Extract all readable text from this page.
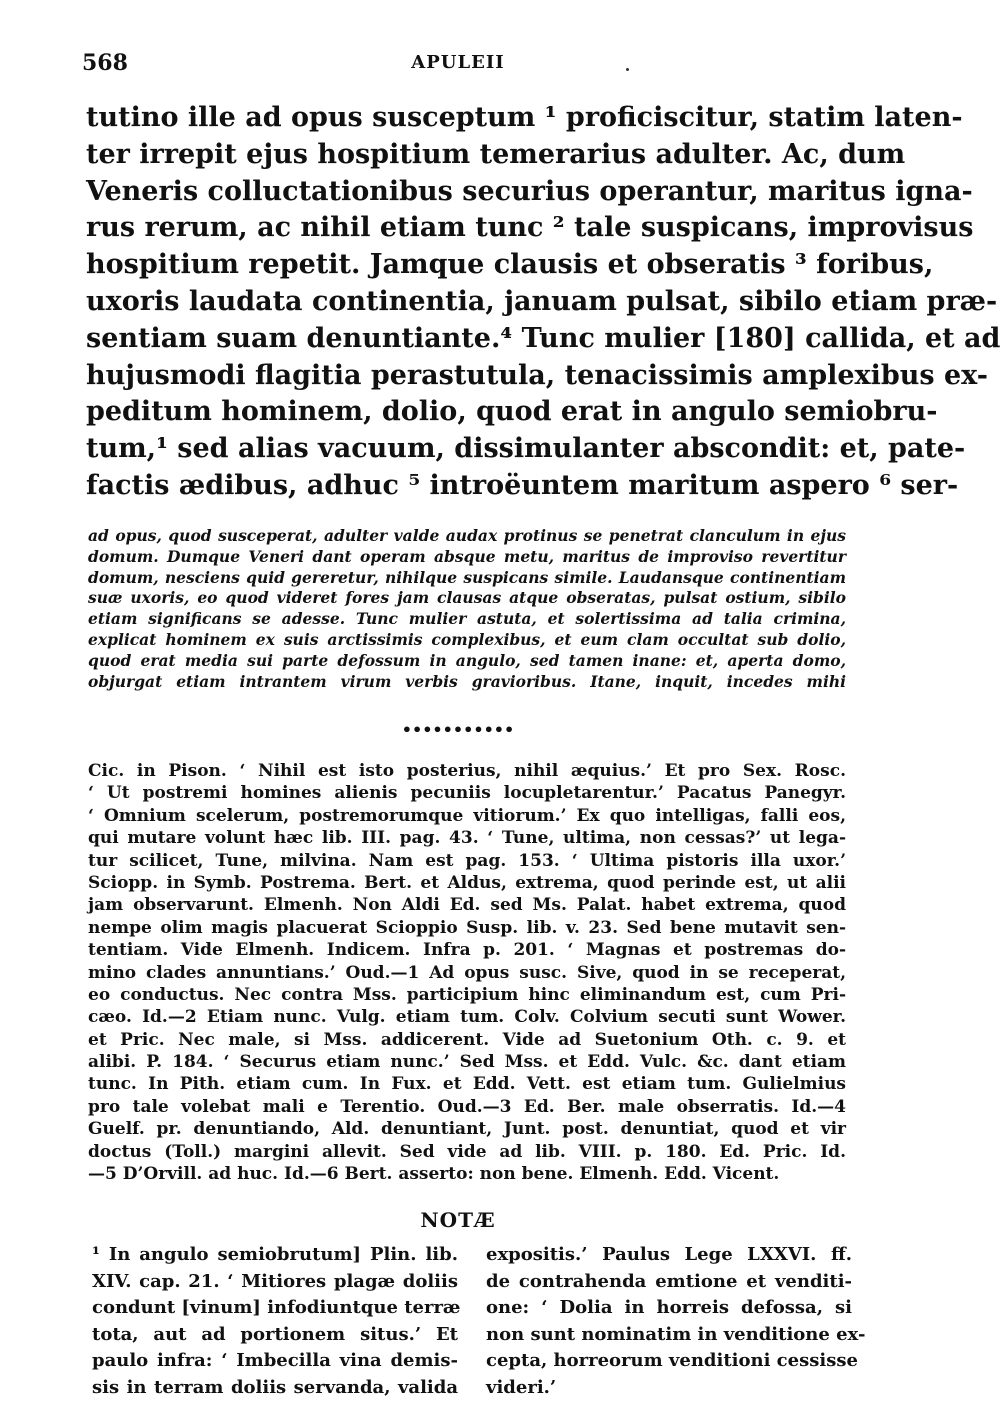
568	APULEII
tutino ille ad opus susceptum ¹ proficiscitur, statim laten-
ter irrepit ejus hospitium temerarius adulter. Ac, dum
Veneris colluctationibus securius operantur, maritus igna-
rus rerum, ac nihil etiam tunc ² tale suspicans, improvisus
hospitium repetit. Jamque clausis et obseratis ³ foribus,
uxoris laudata continentia, januam pulsat, sibilo etiam præ-
sentiam suam denuntiante.⁴ Tunc mulier [180] callida, et ad
hujusmodi flagitia perastutula, tenacissimis amplexibus ex-
peditum hominem, dolio, quod erat in angulo semiobru-
tum,¹ sed alias vacuum, dissimulanter abscondit: et, pate-
factis ædibus, adhuc ⁵ introëuntem maritum aspero ⁶ ser-
ad opus, quod susceperat, adulter valde audax protinus se penetrat clanculum in ejus
domum. Dumque Veneri dant operam absque metu, maritus de improviso revertitur
domum, nesciens quid gereretur, nihilque suspicans simile. Laudansque continentiam
suæ uxoris, eo quod videret fores jam clausas atque obseratas, pulsat ostium, sibilo
etiam significans se adesse. Tunc mulier astuta, et solertissima ad talia crimina,
explicat hominem ex suis arctissimis complexibus, et eum clam occultat sub dolio,
quod erat media sui parte defossum in angulo, sed tamen inane: et, aperta domo,
objurgat etiam intrantem virum verbis gravioribus. Itane, inquit, incedes mihi
•••••••••••
Cic. in Pison. ‘ Nihil est isto posterius, nihil æquius.’ Et pro Sex. Rosc.
‘ Ut postremi homines alienis pecuniis locupletarentur.’ Pacatus Panegyr.
‘ Omnium scelerum, postremorumque vitiorum.’ Ex quo intelligas, falli eos,
qui mutare volunt hæc lib. III. pag. 43. ‘ Tune, ultima, non cessas?’ ut lega-
tur scilicet, Tune, milvina. Nam est pag. 153. ‘ Ultima pistoris illa uxor.’
Sciopp. in Symb. Postrema. Bert. et Aldus, extrema, quod perinde est, ut alii
jam observarunt. Elmenh. Non Aldi Ed. sed Ms. Palat. habet extrema, quod
nempe olim magis placuerat Scioppio Susp. lib. v. 23. Sed bene mutavit sen-
tentiam. Vide Elmenh. Indicem. Infra p. 201. ‘ Magnas et postremas do-
mino clades annuntians.’ Oud.—1 Ad opus susc. Sive, quod in se receperat,
eo conductus. Nec contra Mss. participium hinc eliminandum est, cum Pri-
cæo. Id.—2 Etiam nunc. Vulg. etiam tum. Colv. Colvium secuti sunt Wower.
et Pric. Nec male, si Mss. addicerent. Vide ad Suetonium Oth. c. 9. et
alibi. P. 184. ‘ Securus etiam nunc.’ Sed Mss. et Edd. Vulc. &c. dant etiam
tunc. In Pith. etiam cum. In Fux. et Edd. Vett. est etiam tum. Gulielmius
pro tale volebat mali e Terentio. Oud.—3 Ed. Ber. male obserratis. Id.—4
Guelf. pr. denuntiando, Ald. denuntiant, Junt. post. denuntiat, quod et vir
doctus (Toll.) margini allevit. Sed vide ad lib. VIII. p. 180. Ed. Pric. Id.
—5 D’Orvill. ad huc. Id.—6 Bert. asserto: non bene. Elmenh. Edd. Vicent.
NOTÆ
¹ In angulo semiobrutum] Plin. lib.
XIV. cap. 21. ‘ Mitiores plagæ doliis
condunt [vinum] infodiuntque terræ
tota, aut ad portionem situs.’ Et
paulo infra: ‘ Imbecilla vina demis-
sis in terram doliis servanda, valida
expositis.’ Paulus Lege LXXVI. ff.
de contrahenda emtione et venditi-
one: ‘ Dolia in horreis defossa, si
non sunt nominatim in venditione ex-
cepta, horreorum venditioni cessisse
videri.’
